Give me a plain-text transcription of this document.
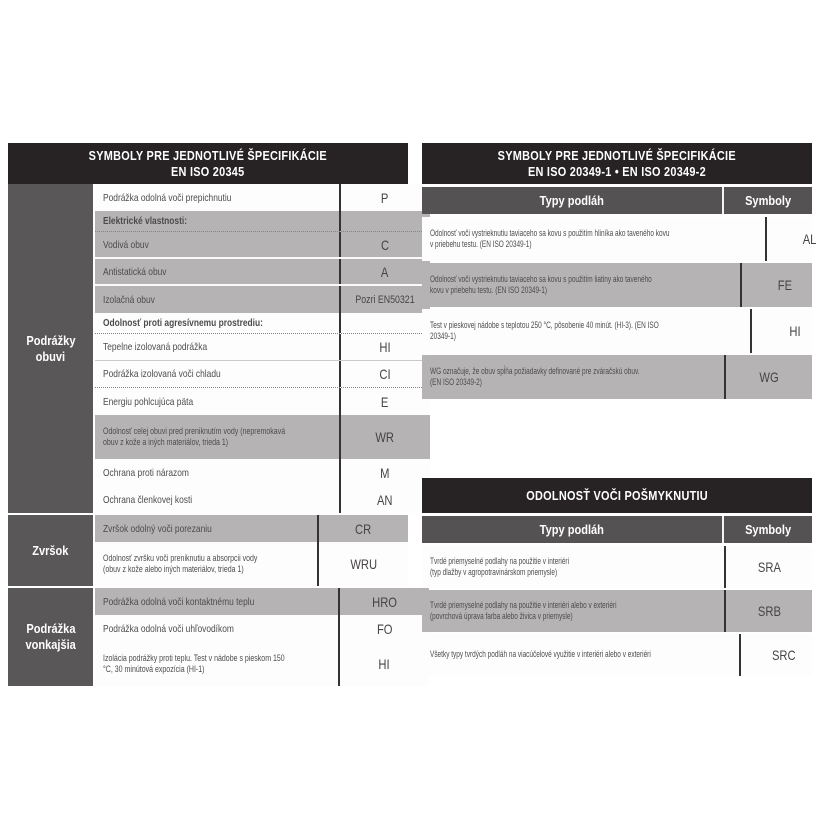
SYMBOLY PRE JEDNOTLIVÉ ŠPECIFIKÁCIE
EN ISO 20345
Podrážky
obuvi
Podrážka odolná voči prepichnutiu	P
Elektrické vlastnosti:
Vodivá obuv	C
Antistatická obuv	A
Izolačná obuv	Pozri EN50321
Odolnosť proti agresívnemu prostrediu:
Tepelne izolovaná podrážka	HI
Podrážka izolovaná voči chladu	CI
Energiu pohlcujúca päta	E
Odolnosť celej obuvi pred preniknutím vody (nepremokavá
obuv z kože a iných materiálov, trieda 1)	WR
Ochrana proti nárazom	M
Ochrana členkovej kosti	AN
Zvršok
Zvršok odolný voči porezaniu	CR
Odolnosť zvršku voči preniknutiu a absorpcii vody
(obuv z kože alebo iných materiálov, trieda 1)	WRU
Podrážka
vonkajšia
Podrážka odolná voči kontaktnému teplu	HRO
Podrážka odolná voči uhľovodíkom	FO
Izolácia podrážky proti teplu. Test v nádobe s pieskom 150
°C, 30 minútová expozícia (HI-1)	HI
SYMBOLY PRE JEDNOTLIVÉ ŠPECIFIKÁCIE
EN ISO 20349-1 • EN ISO 20349-2
Typy podláh	Symboly
Odolnosť voči vystrieknutiu taviaceho sa kovu s použitím hliníka ako taveného kovu
v priebehu testu. (EN ISO 20349-1)	AL
Odolnosť voči vystrieknutiu taviaceho sa kovu s použitím liatiny ako taveného
kovu v priebehu testu. (EN ISO 20349-1)	FE
Test v pieskovej nádobe s teplotou 250 °C, pôsobenie 40 minút. (HI-3). (EN ISO
20349-1)	HI
WG označuje, že obuv spĺňa požiadavky definované pre zváračskú obuv.
(EN ISO 20349-2)	WG
ODOLNOSŤ VOČI POŠMYKNUTIU
Typy podláh	Symboly
Tvrdé priemyselné podlahy na použitie v interiéri
(typ dlažby v agropotravinárskom priemysle)	SRA
Tvrdé priemyselné podlahy na použitie v interiéri alebo v exteriéri
(povrchová úprava farba alebo živica v priemysle)	SRB
Všetky typy tvrdých podláh na viacúčelové využitie v interiéri alebo v exteriéri	SRC
